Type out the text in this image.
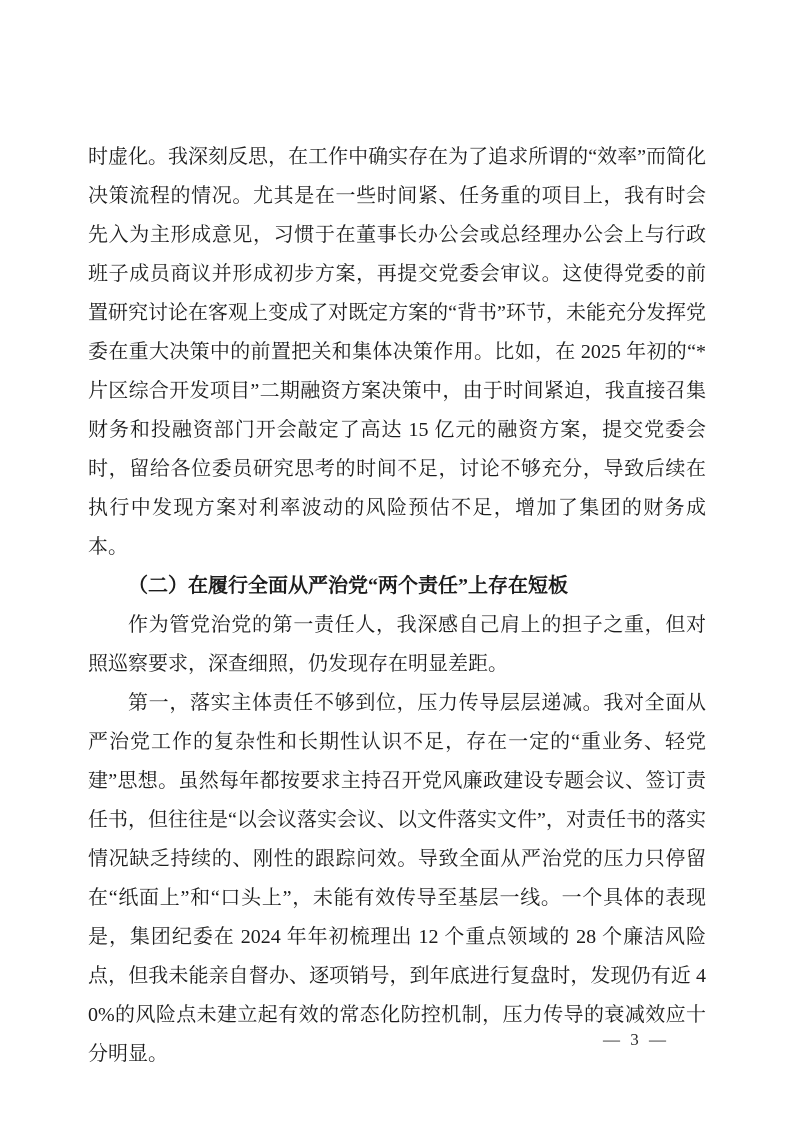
时虚化。我深刻反思，在工作中确实存在为了追求所谓的“效率”而简化决策流程的情况。尤其是在一些时间紧、任务重的项目上，我有时会先入为主形成意见，习惯于在董事长办公会或总经理办公会上与行政班子成员商议并形成初步方案，再提交党委会审议。这使得党委的前置研究讨论在客观上变成了对既定方案的“背书”环节，未能充分发挥党委在重大决策中的前置把关和集体决策作用。比如，在 2025 年初的“*片区综合开发项目”二期融资方案决策中，由于时间紧迫，我直接召集财务和投融资部门开会敲定了高达 15 亿元的融资方案，提交党委会时，留给各位委员研究思考的时间不足，讨论不够充分，导致后续在执行中发现方案对利率波动的风险预估不足，增加了集团的财务成本。

（二）在履行全面从严治党“两个责任”上存在短板

作为管党治党的第一责任人，我深感自己肩上的担子之重，但对照巡察要求，深查细照，仍发现存在明显差距。

第一，落实主体责任不够到位，压力传导层层递减。我对全面从严治党工作的复杂性和长期性认识不足，存在一定的“重业务、轻党建”思想。虽然每年都按要求主持召开党风廉政建设专题会议、签订责任书，但往往是“以会议落实会议、以文件落实文件”，对责任书的落实情况缺乏持续的、刚性的跟踪问效。导致全面从严治党的压力只停留在“纸面上”和“口头上”，未能有效传导至基层一线。一个具体的表现是，集团纪委在 2024 年年初梳理出 12 个重点领域的 28 个廉洁风险点，但我未能亲自督办、逐项销号，到年底进行复盘时，发现仍有近 40%的风险点未建立起有效的常态化防控机制，压力传导的衰减效应十分明显。

— 3 —
